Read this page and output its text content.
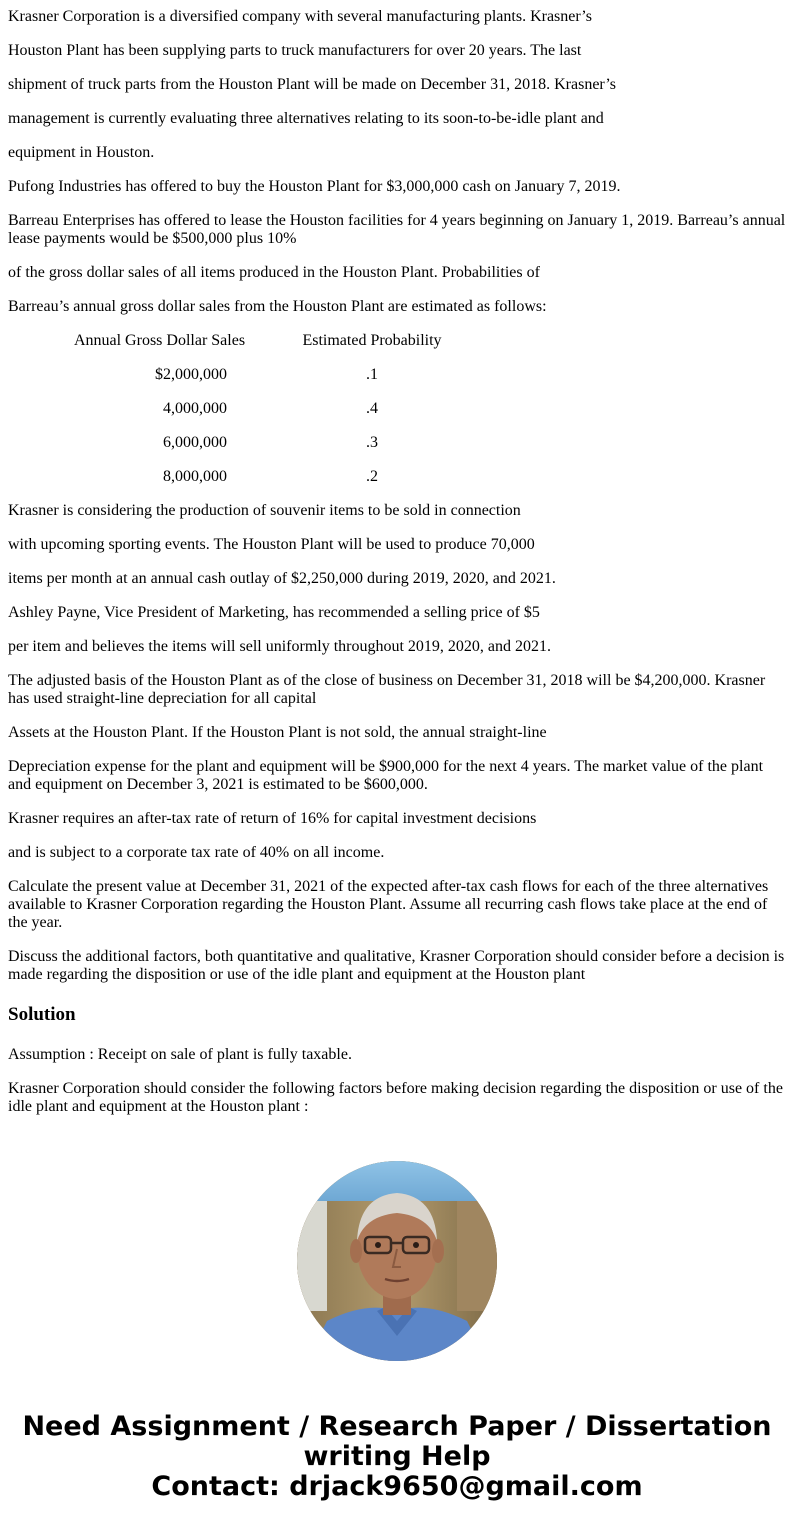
Krasner Corporation is a diversified company with several manufacturing plants. Krasner’s

Houston Plant has been supplying parts to truck manufacturers for over 20 years. The last

shipment of truck parts from the Houston Plant will be made on December 31, 2018. Krasner’s

management is currently evaluating three alternatives relating to its soon-to-be-idle plant and

equipment in Houston.

Pufong Industries has offered to buy the Houston Plant for $3,000,000 cash on January 7, 2019.

Barreau Enterprises has offered to lease the Houston facilities for 4 years beginning on January 1, 2019. Barreau’s annual lease payments would be $500,000 plus 10%

of the gross dollar sales of all items produced in the Houston Plant. Probabilities of

Barreau’s annual gross dollar sales from the Houston Plant are estimated as follows:

Annual Gross Dollar Sales	Estimated Probability
$2,000,000	.1
4,000,000	.4
6,000,000	.3
8,000,000	.2

Krasner is considering the production of souvenir items to be sold in connection

with upcoming sporting events. The Houston Plant will be used to produce 70,000

items per month at an annual cash outlay of $2,250,000 during 2019, 2020, and 2021.

Ashley Payne, Vice President of Marketing, has recommended a selling price of $5

per item and believes the items will sell uniformly throughout 2019, 2020, and 2021.

The adjusted basis of the Houston Plant as of the close of business on December 31, 2018 will be $4,200,000. Krasner has used straight-line depreciation for all capital

Assets at the Houston Plant. If the Houston Plant is not sold, the annual straight-line

Depreciation expense for the plant and equipment will be $900,000 for the next 4 years. The market value of the plant and equipment on December 3, 2021 is estimated to be $600,000.

Krasner requires an after-tax rate of return of 16% for capital investment decisions

and is subject to a corporate tax rate of 40% on all income.

Calculate the present value at December 31, 2021 of the expected after-tax cash flows for each of the three alternatives available to Krasner Corporation regarding the Houston Plant. Assume all recurring cash flows take place at the end of the year.

Discuss the additional factors, both quantitative and qualitative, Krasner Corporation should consider before a decision is made regarding the disposition or use of the idle plant and equipment at the Houston plant

Solution

Assumption : Receipt on sale of plant is fully taxable.

Krasner Corporation should consider the following factors before making decision regarding the disposition or use of the idle plant and equipment at the Houston plant :

Need Assignment / Research Paper / Dissertation
writing Help
Contact: drjack9650@gmail.com
